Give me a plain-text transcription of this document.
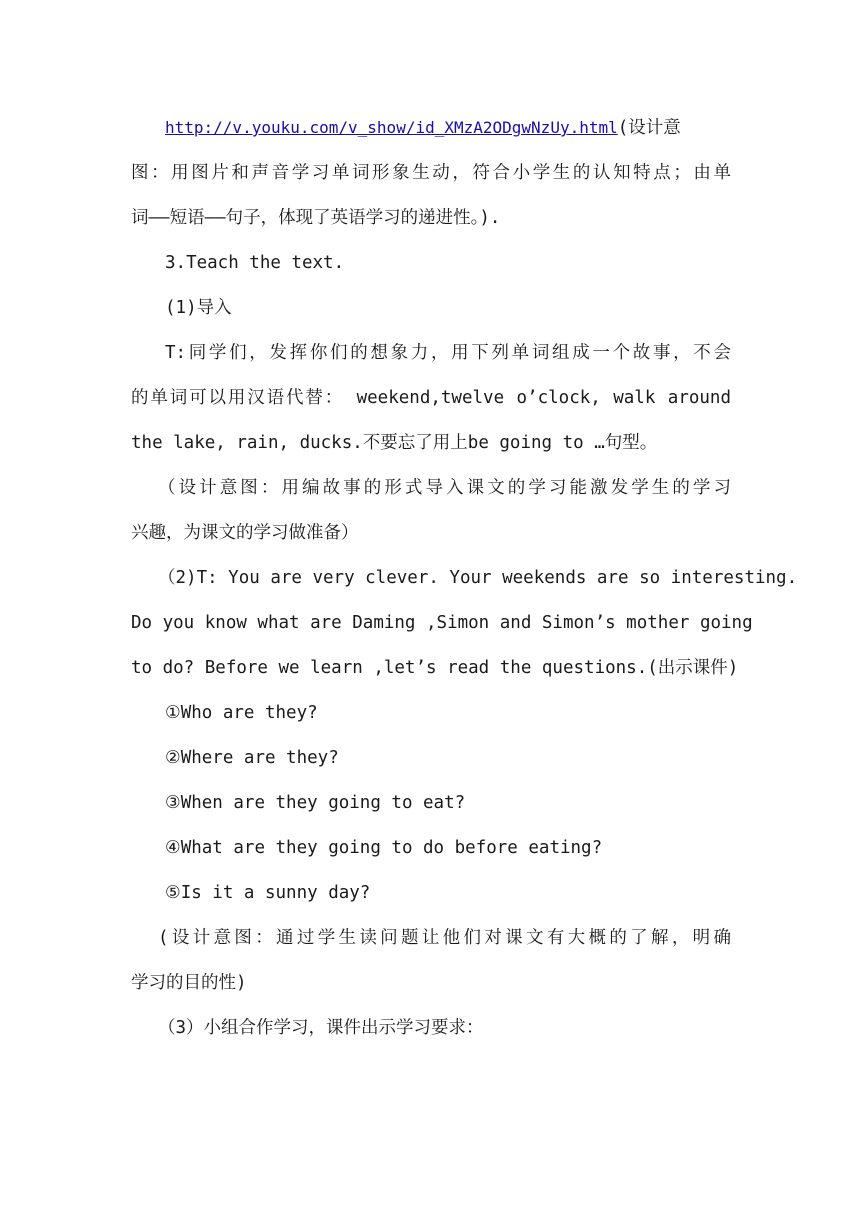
http://v.youku.com/v_show/id_XMzA2ODgwNzUy.html(设计意
图：用图片和声音学习单词形象生动，符合小学生的认知特点；由单
词——短语——句子，体现了英语学习的递进性。).
3.Teach the text.
(1)导入
T:同学们，发挥你们的想象力，用下列单词组成一个故事，不会
的单词可以用汉语代替： weekend,twelve o’clock, walk around
the lake, rain, ducks.不要忘了用上be going to …句型。
（设计意图：用编故事的形式导入课文的学习能激发学生的学习
兴趣，为课文的学习做准备）
（2)T: You are very clever. Your weekends are so interesting.
Do you know what are Daming ,Simon and Simon’s mother going
to do? Before we learn ,let’s read the questions.(出示课件)
①Who are they?
②Where are they?
③When are they going to eat?
④What are they going to do before eating?
⑤Is it a sunny day?
(设计意图：通过学生读问题让他们对课文有大概的了解，明确
学习的目的性)
（3）小组合作学习，课件出示学习要求：
